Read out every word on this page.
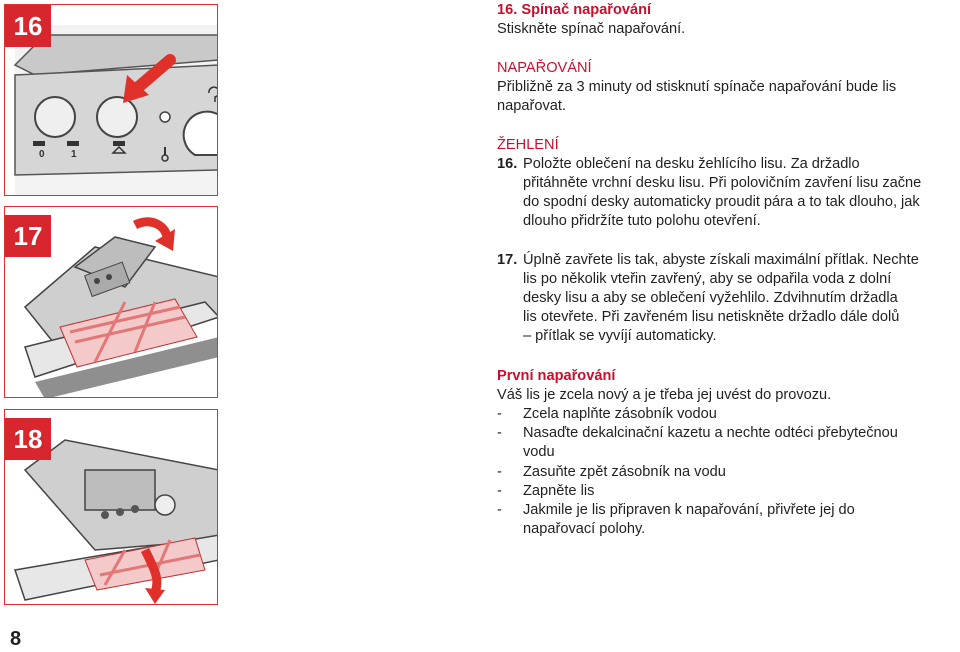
0	1
16
17
18
16. Spínač napařování
Stiskněte spínač napařování.
NAPAŘOVÁNÍ
Přibližně za 3 minuty od stisknutí spínače napařování bude lis
napařovat.
ŽEHLENÍ
16. Položte oblečení na desku žehlícího lisu. Za držadlo
přitáhněte vrchní desku lisu. Při polovičním zavření lisu začne
do spodní desky automaticky proudit pára a to tak dlouho, jak
dlouho přidržíte tuto polohu otevření.
17. Úplně zavřete lis tak, abyste získali maximální přítlak. Nechte
lis po několik vteřin zavřený, aby se odpařila voda z dolní
desky lisu a aby se oblečení vyžehlilo. Zdvihnutím držadla
lis otevřete. Při zavřeném lisu netiskněte držadlo dále dolů
– přítlak se vyvíjí automaticky.
První napařování
Váš lis je zcela nový a je třeba jej uvést do provozu.
- Zcela naplňte zásobník vodou
- Nasaďte dekalcinační kazetu a nechte odtéci přebytečnou
vodu
- Zasuňte zpět zásobník na vodu
- Zapněte lis
- Jakmile je lis připraven k napařování, přivřete jej do
napařovací polohy.
8
